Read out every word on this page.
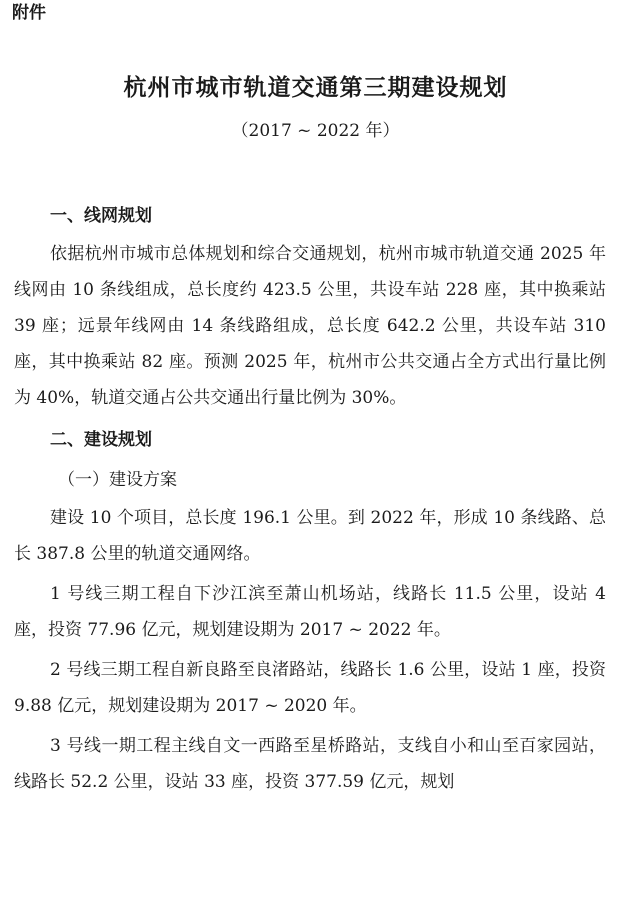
附件
杭州市城市轨道交通第三期建设规划
（2017 ~ 2022 年）

一、线网规划

依据杭州市城市总体规划和综合交通规划，杭州市城市轨道交通 2025 年线网由 10 条线组成，总长度约 423.5 公里，共设车站 228 座，其中换乘站 39 座；远景年线网由 14 条线路组成，总长度 642.2 公里，共设车站 310 座，其中换乘站 82 座。预测 2025 年，杭州市公共交通占全方式出行量比例为 40%，轨道交通占公共交通出行量比例为 30%。

二、建设规划

（一）建设方案

建设 10 个项目，总长度 196.1 公里。到 2022 年，形成 10 条线路、总长 387.8 公里的轨道交通网络。

1 号线三期工程自下沙江滨至萧山机场站，线路长 11.5 公里，设站 4 座，投资 77.96 亿元，规划建设期为 2017 ~ 2022 年。

2 号线三期工程自新良路至良渚路站，线路长 1.6 公里，设站 1 座，投资 9.88 亿元，规划建设期为 2017 ~ 2020 年。

3 号线一期工程主线自文一西路至星桥路站，支线自小和山至百家园站，线路长 52.2 公里，设站 33 座，投资 377.59 亿元，规划
